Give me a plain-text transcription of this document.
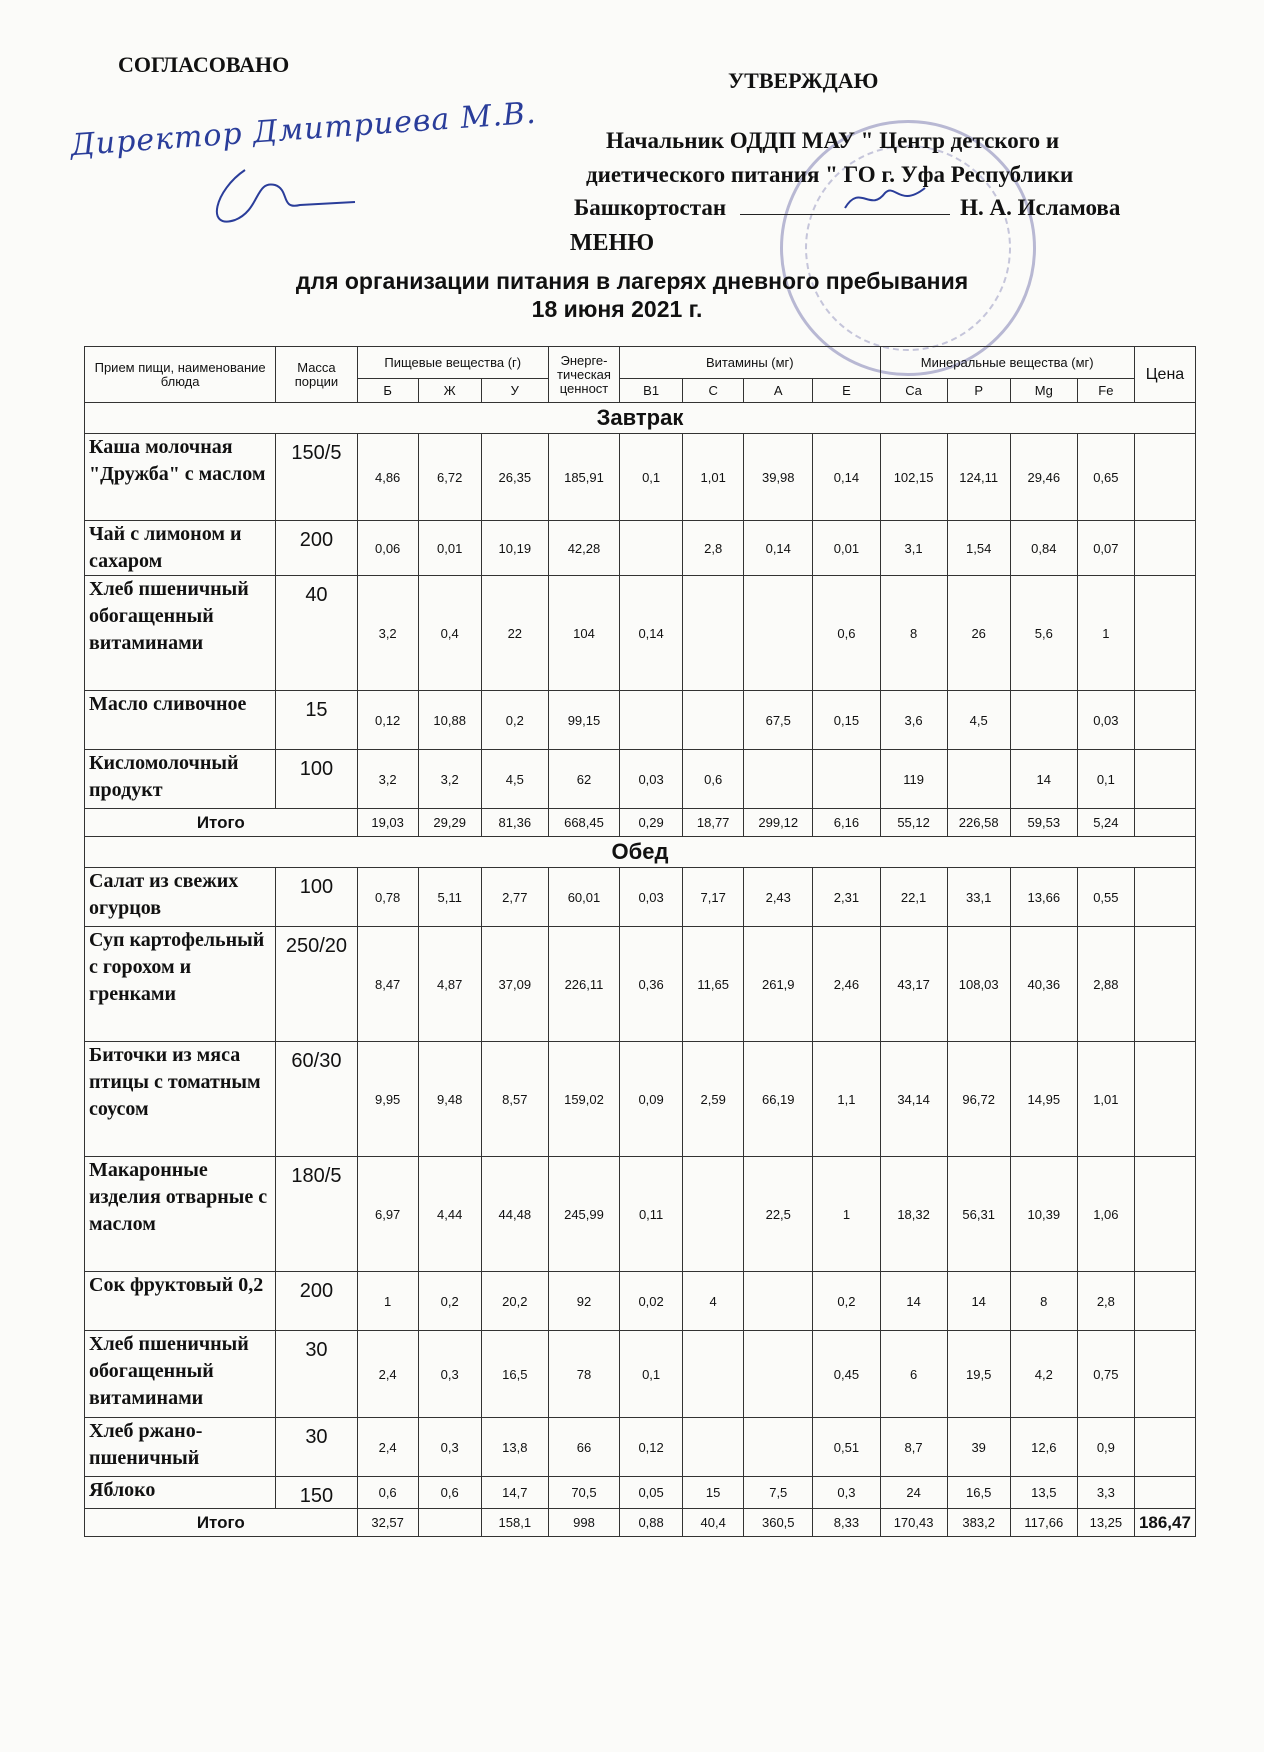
СОГЛАСОВАНО
Директор Дмитриева М.В.
УТВЕРЖДАЮ
Начальник ОДДП МАУ " Центр детского и
диетического питания " ГО г. Уфа Республики
Башкортостан	Н. А. Исламова
МЕНЮ
для организации питания в лагерях дневного пребывания
18 июня 2021 г.
Прием пищи, наименование блюда	Масса порции	Пищевые вещества (г)			Энерге-тическая ценност	Витамины (мг)				Минеральные вещества (мг)				Цена
		Б	Ж	У		В1	С	А	Е	Ca	P	Mg	Fe	
Завтрак														
Каша молочная "Дружба" с маслом	150/5	4,86	6,72	26,35	185,91	0,1	1,01	39,98	0,14	102,15	124,11	29,46	0,65	
Чай с лимоном и сахаром	200	0,06	0,01	10,19	42,28		2,8	0,14	0,01	3,1	1,54	0,84	0,07	
Хлеб пшеничный обогащенный витаминами	40	3,2	0,4	22	104	0,14			0,6	8	26	5,6	1	
Масло сливочное	15	0,12	10,88	0,2	99,15			67,5	0,15	3,6	4,5		0,03	
Кисломолочный продукт	100	3,2	3,2	4,5	62	0,03	0,6			119		14	0,1	
Итого		19,03	29,29	81,36	668,45	0,29	18,77	299,12	6,16	55,12	226,58	59,53	5,24	
Обед														
Салат из свежих огурцов	100	0,78	5,11	2,77	60,01	0,03	7,17	2,43	2,31	22,1	33,1	13,66	0,55	
Суп картофельный с горохом и гренками	250/20	8,47	4,87	37,09	226,11	0,36	11,65	261,9	2,46	43,17	108,03	40,36	2,88	
Биточки из мяса птицы с томатным соусом	60/30	9,95	9,48	8,57	159,02	0,09	2,59	66,19	1,1	34,14	96,72	14,95	1,01	
Макаронные изделия отварные с маслом	180/5	6,97	4,44	44,48	245,99	0,11		22,5	1	18,32	56,31	10,39	1,06	
Сок фруктовый 0,2	200	1	0,2	20,2	92	0,02	4		0,2	14	14	8	2,8	
Хлеб пшеничный обогащенный витаминами	30	2,4	0,3	16,5	78	0,1			0,45	6	19,5	4,2	0,75	
Хлеб ржано-пшеничный	30	2,4	0,3	13,8	66	0,12			0,51	8,7	39	12,6	0,9	
Яблоко	150	0,6	0,6	14,7	70,5	0,05	15	7,5	0,3	24	16,5	13,5	3,3	
Итого		32,57		158,1	998	0,88	40,4	360,5	8,33	170,43	383,2	117,66	13,25	186,47
